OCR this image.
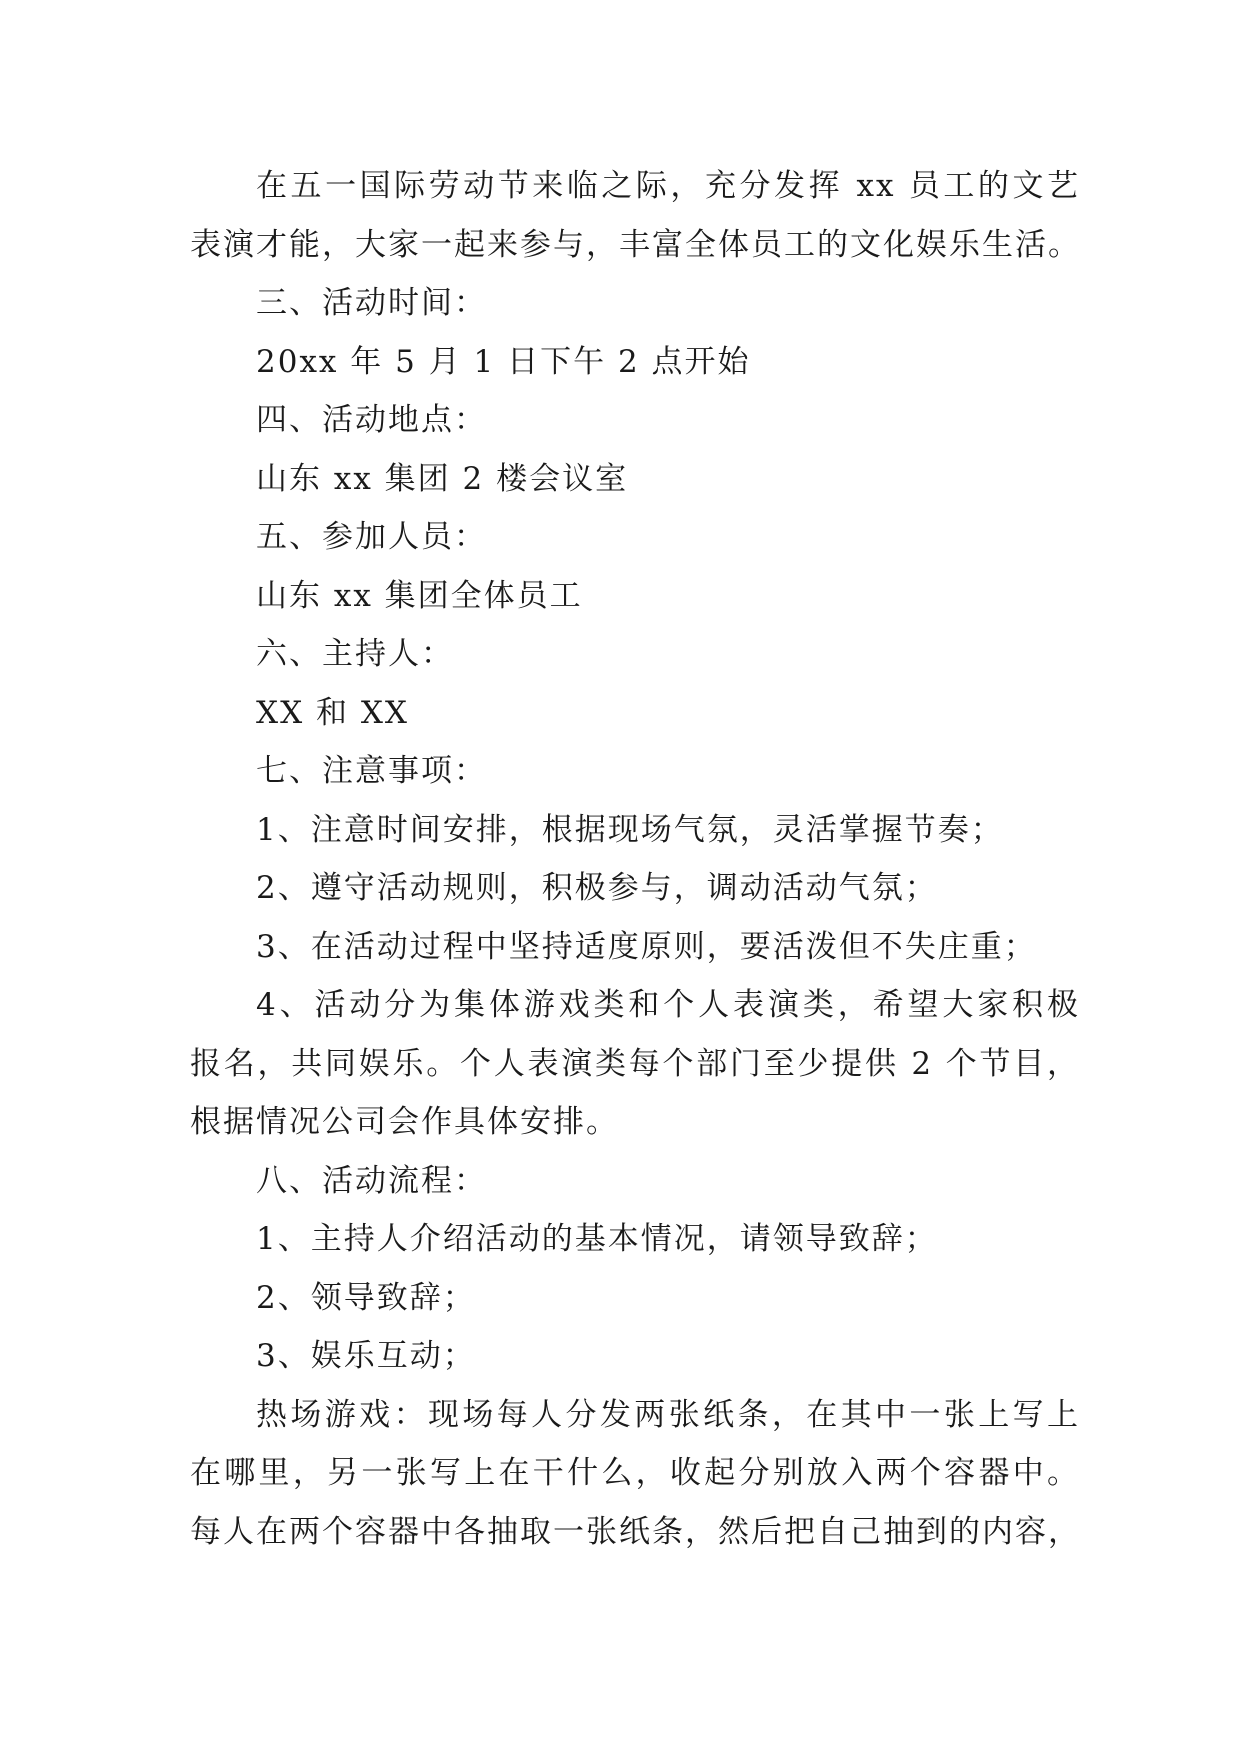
在五一国际劳动节来临之际，充分发挥 xx 员工的文艺
表演才能，大家一起来参与，丰富全体员工的文化娱乐生活。
三、活动时间：
20xx 年 5 月 1 日下午 2 点开始
四、活动地点：
山东 xx 集团 2 楼会议室
五、参加人员：
山东 xx 集团全体员工
六、主持人：
XX 和 XX
七、注意事项：
1、注意时间安排，根据现场气氛，灵活掌握节奏；
2、遵守活动规则，积极参与，调动活动气氛；
3、在活动过程中坚持适度原则，要活泼但不失庄重；
4、活动分为集体游戏类和个人表演类，希望大家积极
报名，共同娱乐。个人表演类每个部门至少提供 2 个节目，
根据情况公司会作具体安排。
八、活动流程：
1、主持人介绍活动的基本情况，请领导致辞；
2、领导致辞；
3、娱乐互动；
热场游戏：现场每人分发两张纸条，在其中一张上写上
在哪里，另一张写上在干什么，收起分别放入两个容器中。
每人在两个容器中各抽取一张纸条，然后把自己抽到的内容，
